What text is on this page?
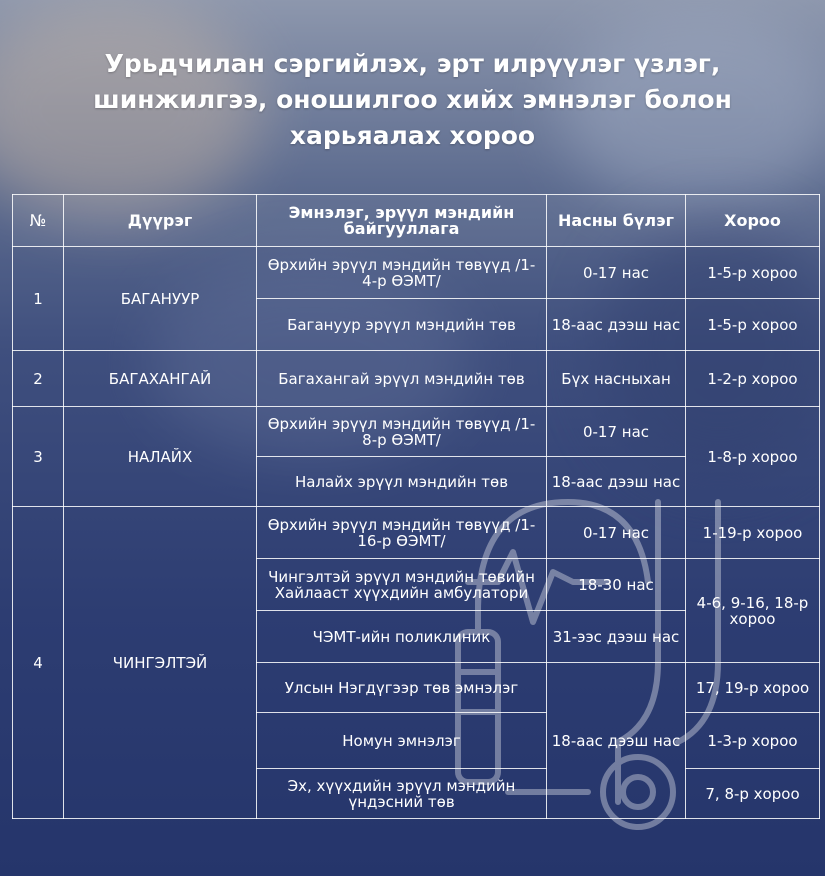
Урьдчилан сэргийлэх, эрт илрүүлэг үзлэг,
шинжилгээ, оношилгоо хийх эмнэлэг болон
харьяалах хороо
№	Дүүрэг	Эмнэлэг, эрүүл мэндийн байгууллага	Насны бүлэг	Хороо
1	БАГАНУУР	Өрхийн эрүүл мэндийн төвүүд /1-4-р ӨЭМТ/	0-17 нас	1-5-р хороо
		Багануур эрүүл мэндийн төв	18-аас дээш нас	1-5-р хороо
2	БАГАХАНГАЙ	Багахангай эрүүл мэндийн төв	Бүх насныхан	1-2-р хороо
3	НАЛАЙХ	Өрхийн эрүүл мэндийн төвүүд /1-8-р ӨЭМТ/	0-17 нас	1-8-р хороо
		Налайх эрүүл мэндийн төв	18-аас дээш нас	
4	ЧИНГЭЛТЭЙ	Өрхийн эрүүл мэндийн төвүүд /1-16-р ӨЭМТ/	0-17 нас	1-19-р хороо
		Чингэлтэй эрүүл мэндийн төвийн Хайлааст хүүхдийн амбулатори	18-30 нас	4-6, 9-16, 18-р хороо
		ЧЭМТ-ийн поликлиник	31-ээс дээш нас	
		Улсын Нэгдүгээр төв эмнэлэг	18-аас дээш нас	17, 19-р хороо
		Номун эмнэлэг		1-3-р хороо
		Эх, хүүхдийн эрүүл мэндийн үндэсний төв		7, 8-р хороо
